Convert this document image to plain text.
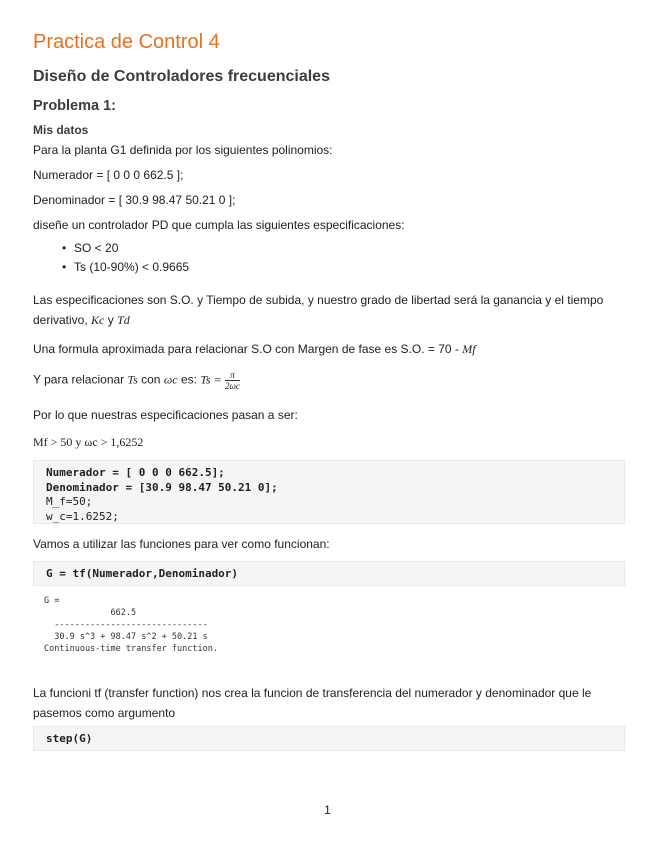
Practica de Control 4
Diseño de Controladores frecuenciales
Problema 1:
Mis datos
Para la planta G1 definida por los siguientes polinomios:
Numerador = [ 0 0 0 662.5 ];
Denominador = [ 30.9 98.47 50.21 0 ];
diseñe un controlador PD que cumpla las siguientes especificaciones:
• SO < 20
• Ts (10-90%) < 0.9665
Las especificaciones son S.O. y Tiempo de subida, y nuestro grado de libertad será la ganancia y el tiempo
derivativo, Kc y Td
Una formula aproximada para relacionar S.O con Margen de fase es S.O. = 70 - Mf
Y para relacionar Ts con ωc es: $Ts = \frac{\pi}{2\omega c}$
Por lo que nuestras especificaciones pasan a ser:
Mf > 50 y ωc > 1,6252
Numerador = [ 0 0 0 662.5];
Denominador = [30.9 98.47 50.21 0];
M_f=50;
w_c=1.6252;
Vamos a utilizar las funciones para ver como funcionan:
G = tf(Numerador,Denominador)
G =
662.5
------------------------------
30.9 s^3 + 98.47 s^2 + 50.21 s
Continuous-time transfer function.
La funcioni tf (transfer function) nos crea la funcion de transferencia del numerador y denominador que le
pasemos como argumento
step(G)
1
